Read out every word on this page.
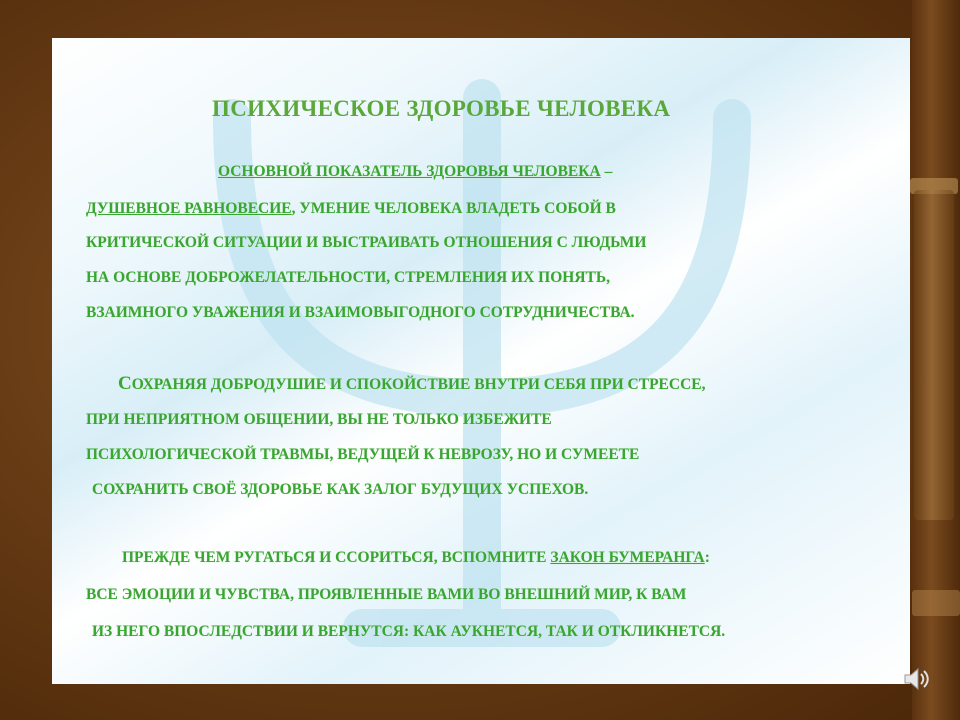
ПСИХИЧЕСКОЕ ЗДОРОВЬЕ ЧЕЛОВЕКА

ОСНОВНОЙ ПОКАЗАТЕЛЬ ЗДОРОВЬЯ ЧЕЛОВЕКА –

ДУШЕВНОЕ РАВНОВЕСИЕ, УМЕНИЕ ЧЕЛОВЕКА ВЛАДЕТЬ СОБОЙ В

КРИТИЧЕСКОЙ СИТУАЦИИ И ВЫСТРАИВАТЬ ОТНОШЕНИЯ С ЛЮДЬМИ

НА ОСНОВЕ ДОБРОЖЕЛАТЕЛЬНОСТИ, СТРЕМЛЕНИЯ ИХ ПОНЯТЬ,

ВЗАИМНОГО УВАЖЕНИЯ И ВЗАИМОВЫГОДНОГО СОТРУДНИЧЕСТВА.

СОХРАНЯЯ ДОБРОДУШИЕ И СПОКОЙСТВИЕ ВНУТРИ СЕБЯ ПРИ СТРЕССЕ,

ПРИ НЕПРИЯТНОМ ОБЩЕНИИ, ВЫ НЕ ТОЛЬКО ИЗБЕЖИТЕ

ПСИХОЛОГИЧЕСКОЙ ТРАВМЫ, ВЕДУЩЕЙ К НЕВРОЗУ, НО И СУМЕЕТЕ

СОХРАНИТЬ СВОЁ ЗДОРОВЬЕ КАК ЗАЛОГ БУДУЩИХ УСПЕХОВ.

ПРЕЖДЕ ЧЕМ РУГАТЬСЯ И ССОРИТЬСЯ, ВСПОМНИТЕ ЗАКОН БУМЕРАНГА:

ВСЕ ЭМОЦИИ И ЧУВСТВА, ПРОЯВЛЕННЫЕ ВАМИ ВО ВНЕШНИЙ МИР, К ВАМ

ИЗ НЕГО ВПОСЛЕДСТВИИ И ВЕРНУТСЯ: КАК АУКНЕТСЯ, ТАК И ОТКЛИКНЕТСЯ.
